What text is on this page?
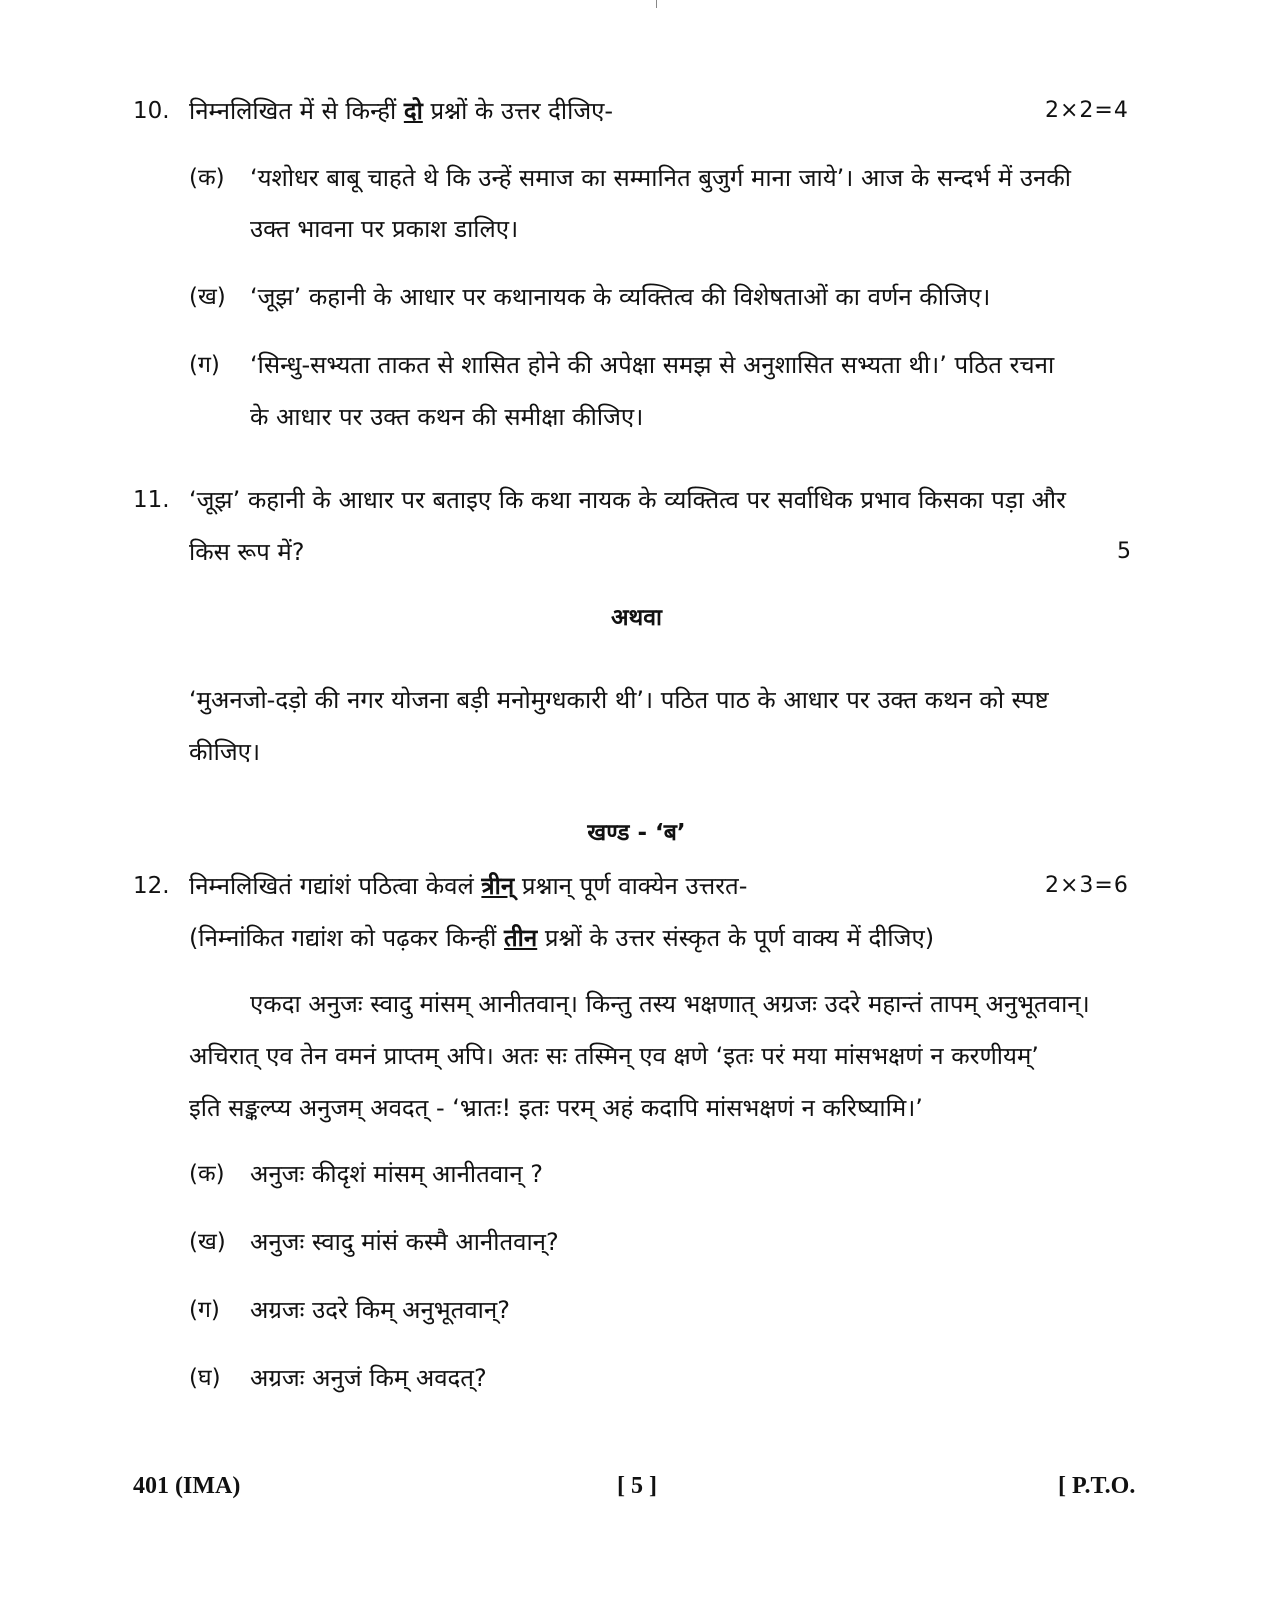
10. निम्नलिखित में से किन्हीं दो प्रश्नों के उत्तर दीजिए-	2×2=4
(क) ‘यशोधर बाबू चाहते थे कि उन्हें समाज का सम्मानित बुजुर्ग माना जाये’। आज के सन्दर्भ में उनकी
उक्त भावना पर प्रकाश डालिए।
(ख) ‘जूझ’ कहानी के आधार पर कथानायक के व्यक्तित्व की विशेषताओं का वर्णन कीजिए।
(ग) ‘सिन्धु-सभ्यता ताकत से शासित होने की अपेक्षा समझ से अनुशासित सभ्यता थी।’ पठित रचना
के आधार पर उक्त कथन की समीक्षा कीजिए।
11. ‘जूझ’ कहानी के आधार पर बताइए कि कथा नायक के व्यक्तित्व पर सर्वाधिक प्रभाव किसका पड़ा और
किस रूप में?	5
अथवा
‘मुअनजो-दड़ो की नगर योजना बड़ी मनोमुग्धकारी थी’। पठित पाठ के आधार पर उक्त कथन को स्पष्ट
कीजिए।
खण्ड - ‘ब’
12. निम्नलिखितं गद्यांशं पठित्वा केवलं त्रीन् प्रश्नान् पूर्ण वाक्येन उत्तरत-	2×3=6
(निम्नांकित गद्यांश को पढ़कर किन्हीं तीन प्रश्नों के उत्तर संस्कृत के पूर्ण वाक्य में दीजिए)
एकदा अनुजः स्वादु मांसम् आनीतवान्। किन्तु तस्य भक्षणात् अग्रजः उदरे महान्तं तापम् अनुभूतवान्।
अचिरात् एव तेन वमनं प्राप्तम् अपि। अतः सः तस्मिन् एव क्षणे ‘इतः परं मया मांसभक्षणं न करणीयम्’
इति सङ्कल्प्य अनुजम् अवदत् - ‘भ्रातः! इतः परम् अहं कदापि मांसभक्षणं न करिष्यामि।’
(क) अनुजः कीदृशं मांसम् आनीतवान् ?
(ख) अनुजः स्वादु मांसं कस्मै आनीतवान्?
(ग) अग्रजः उदरे किम् अनुभूतवान्?
(घ) अग्रजः अनुजं किम् अवदत्?
401 (IMA)	[ 5 ]	[ P.T.O.
